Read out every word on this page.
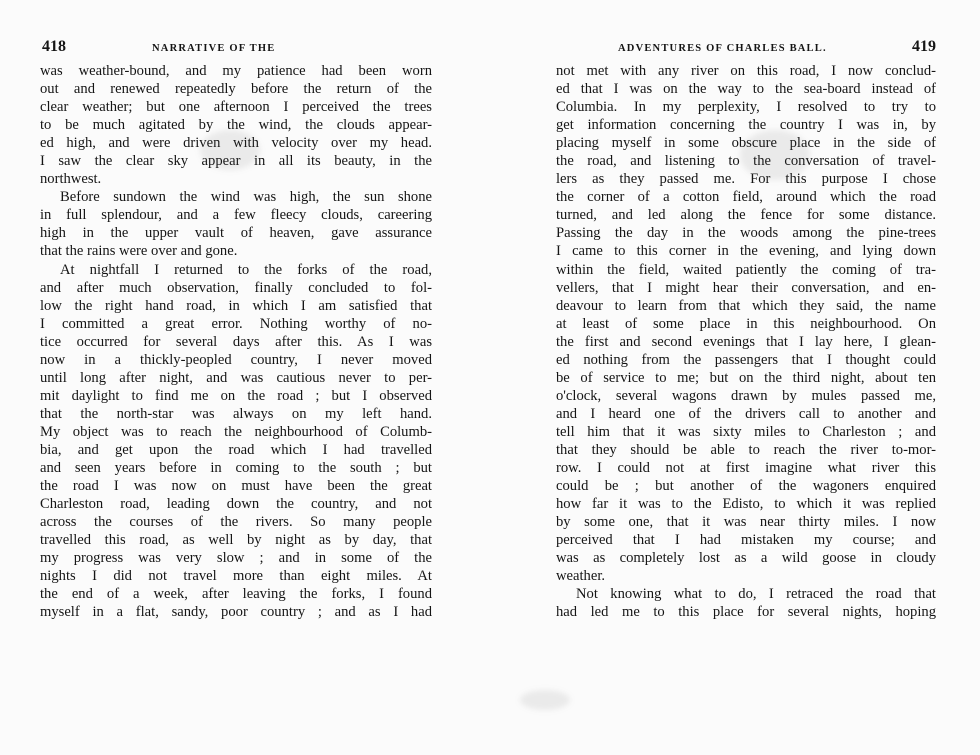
418	NARRATIVE OF THE
was weather-bound, and my patience had been worn
out and renewed repeatedly before the return of the
clear weather; but one afternoon I perceived the trees
to be much agitated by the wind, the clouds appear-
ed high, and were driven with velocity over my head.
I saw the clear sky appear in all its beauty, in the
northwest.
Before sundown the wind was high, the sun shone
in full splendour, and a few fleecy clouds, careering
high in the upper vault of heaven, gave assurance
that the rains were over and gone.
At nightfall I returned to the forks of the road,
and after much observation, finally concluded to fol-
low the right hand road, in which I am satisfied that
I committed a great error. Nothing worthy of no-
tice occurred for several days after this. As I was
now in a thickly-peopled country, I never moved
until long after night, and was cautious never to per-
mit daylight to find me on the road ; but I observed
that the north-star was always on my left hand.
My object was to reach the neighbourhood of Columb-
bia, and get upon the road which I had travelled
and seen years before in coming to the south ; but
the road I was now on must have been the great
Charleston road, leading down the country, and not
across the courses of the rivers. So many people
travelled this road, as well by night as by day, that
my progress was very slow ; and in some of the
nights I did not travel more than eight miles. At
the end of a week, after leaving the forks, I found
myself in a flat, sandy, poor country ; and as I had
ADVENTURES OF CHARLES BALL.	419
not met with any river on this road, I now conclud-
ed that I was on the way to the sea-board instead of
Columbia. In my perplexity, I resolved to try to
get information concerning the country I was in, by
placing myself in some obscure place in the side of
the road, and listening to the conversation of travel-
lers as they passed me. For this purpose I chose
the corner of a cotton field, around which the road
turned, and led along the fence for some distance.
Passing the day in the woods among the pine-trees
I came to this corner in the evening, and lying down
within the field, waited patiently the coming of tra-
vellers, that I might hear their conversation, and en-
deavour to learn from that which they said, the name
at least of some place in this neighbourhood. On
the first and second evenings that I lay here, I glean-
ed nothing from the passengers that I thought could
be of service to me; but on the third night, about ten
o'clock, several wagons drawn by mules passed me,
and I heard one of the drivers call to another and
tell him that it was sixty miles to Charleston ; and
that they should be able to reach the river to-mor-
row. I could not at first imagine what river this
could be ; but another of the wagoners enquired
how far it was to the Edisto, to which it was replied
by some one, that it was near thirty miles. I now
perceived that I had mistaken my course; and
was as completely lost as a wild goose in cloudy
weather.
Not knowing what to do, I retraced the road that
had led me to this place for several nights, hoping
